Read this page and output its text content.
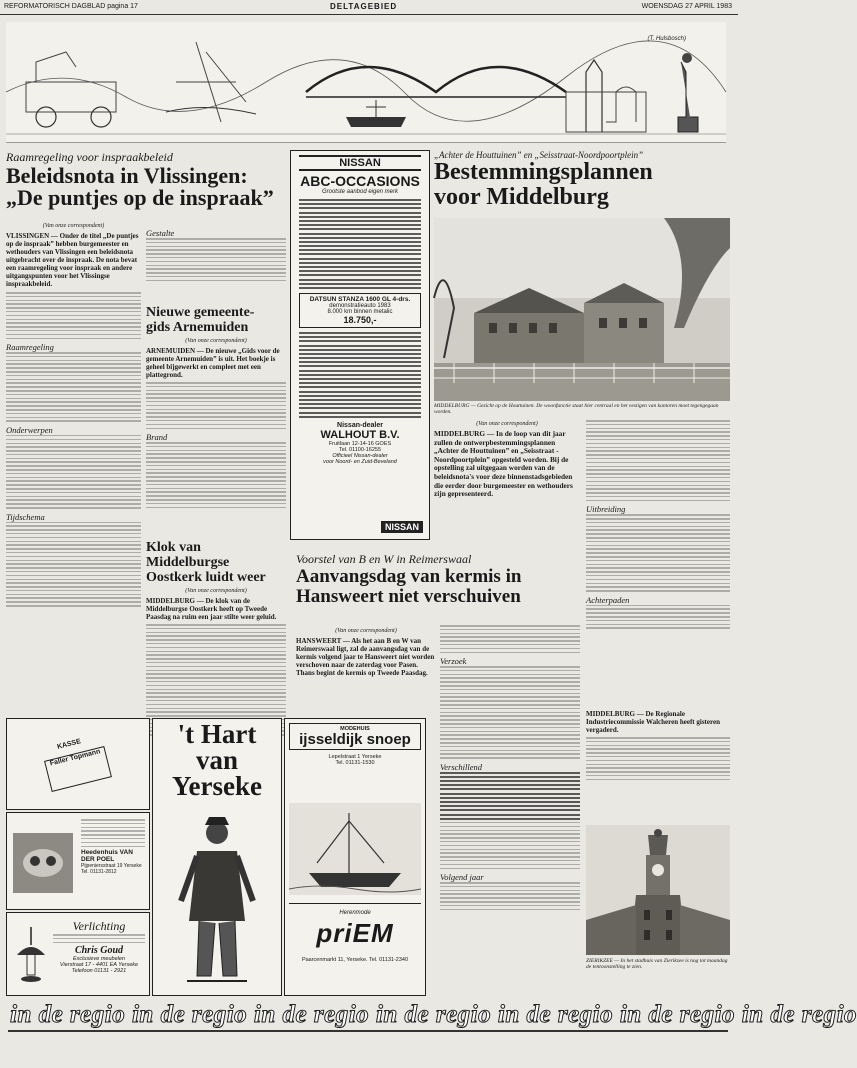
REFORMATORISCH DAGBLAD pagina 17	DELTAGEBIED	WOENSDAG 27 APRIL 1983
(T. Hulsbosch)
Raamregeling voor inspraakbeleid
Beleidsnota in Vlissingen:
„De puntjes op de inspraak”
(Van onze correspondent)
VLISSINGEN — Onder de titel „De puntjes op de inspraak” hebben burgemeester en wethouders van Vlissingen een beleidsnota uitgebracht over de inspraak. De nota bevat een raamregeling voor inspraak en andere uitgangspunten voor het Vlissingse inspraakbeleid.
Raamregeling
Onderwerpen
Tijdschema
Gestalte
Nieuwe gemeente-
gids Arnemuiden
(Van onze correspondent)
ARNEMUIDEN — De nieuwe „Gids voor de gemeente Arnemuiden” is uit. Het boekje is geheel bijgewerkt en compleet met een plattegrond.
Brand
Klok van Middelburgse
Oostkerk luidt weer
(Van onze correspondent)
MIDDELBURG — De klok van de Middelburgse Oostkerk heeft op Tweede Paasdag na ruim een jaar stilte weer geluid.
NISSAN
ABC-OCCASIONS
Grootste aanbod eigen merk
DATSUN STANZA 1600 GL 4-drs.
demonstratieauto 1983
8.000 km binnen metalic
18.750,-
Nissan-dealer
WALHOUT B.V.
Fruitlaan 12-14-16 GOES
Tel. 01100-16255
Officieel Nissan-dealer
voor Noord- en Zuid-Beveland
NISSAN
„Achter de Houttuinen” en „Seisstraat-Noordpoortplein”
Bestemmingsplannen
voor Middelburg
MIDDELBURG — Gezicht op de Houttuinen. De woonfunctie staat hier centraal en het vestigen van kantoren moet tegengegaan worden.
(Van onze correspondent)
MIDDELBURG — In de loop van dit jaar zullen de ontwerpbestemmingsplannen „Achter de Houttuinen” en „Seisstraat - Noordpoortplein” opgesteld worden. Bij de opstelling zal uitgegaan worden van de beleidsnota's voor deze binnenstadsgebieden die eerder door burgemeester en wethouders zijn gepresenteerd.
Uitbreiding
Achterpaden
Voorstel van B en W in Reimerswaal
Aanvangsdag van kermis in
Hansweert niet verschuiven
(Van onze correspondent)
HANSWEERT — Als het aan B en W van Reimerswaal ligt, zal de aanvangsdag van de kermis volgend jaar te Hansweert niet worden verschoven naar de zaterdag voor Pasen. Thans begint de kermis op Tweede Paasdag.
Verzoek
Verschillend
Volgend jaar
MIDDELBURG — De Regionale Industriecommissie Walcheren heeft gisteren vergaderd.
ZIERIKZEE — In het stadhuis van Zierikzee is nog tot maandag de tentoonstelling te zien.
KASSE
Faller Topmann
Heedenhuis VAN DER POEL
Pijpeniersstraat 19 Yerseke
Tel. 01131-2812
Verlichting
Chris Goud
Exclusieve meubelen
Vierstraat 17 - 4401 EA Yerseke
Telefoon 01131 - 2921
't Hart
van
Yerseke
MODEHUIS
ijsseldijk snoep
Lepelstraat 1 Yerseke
Tel. 01131-1530
Herenmode
priEM
Paarcenmarkt 11, Yerseke. Tel. 01131-2340
in de regio in de regio in de regio in de regio in de regio in de regio in de regio
